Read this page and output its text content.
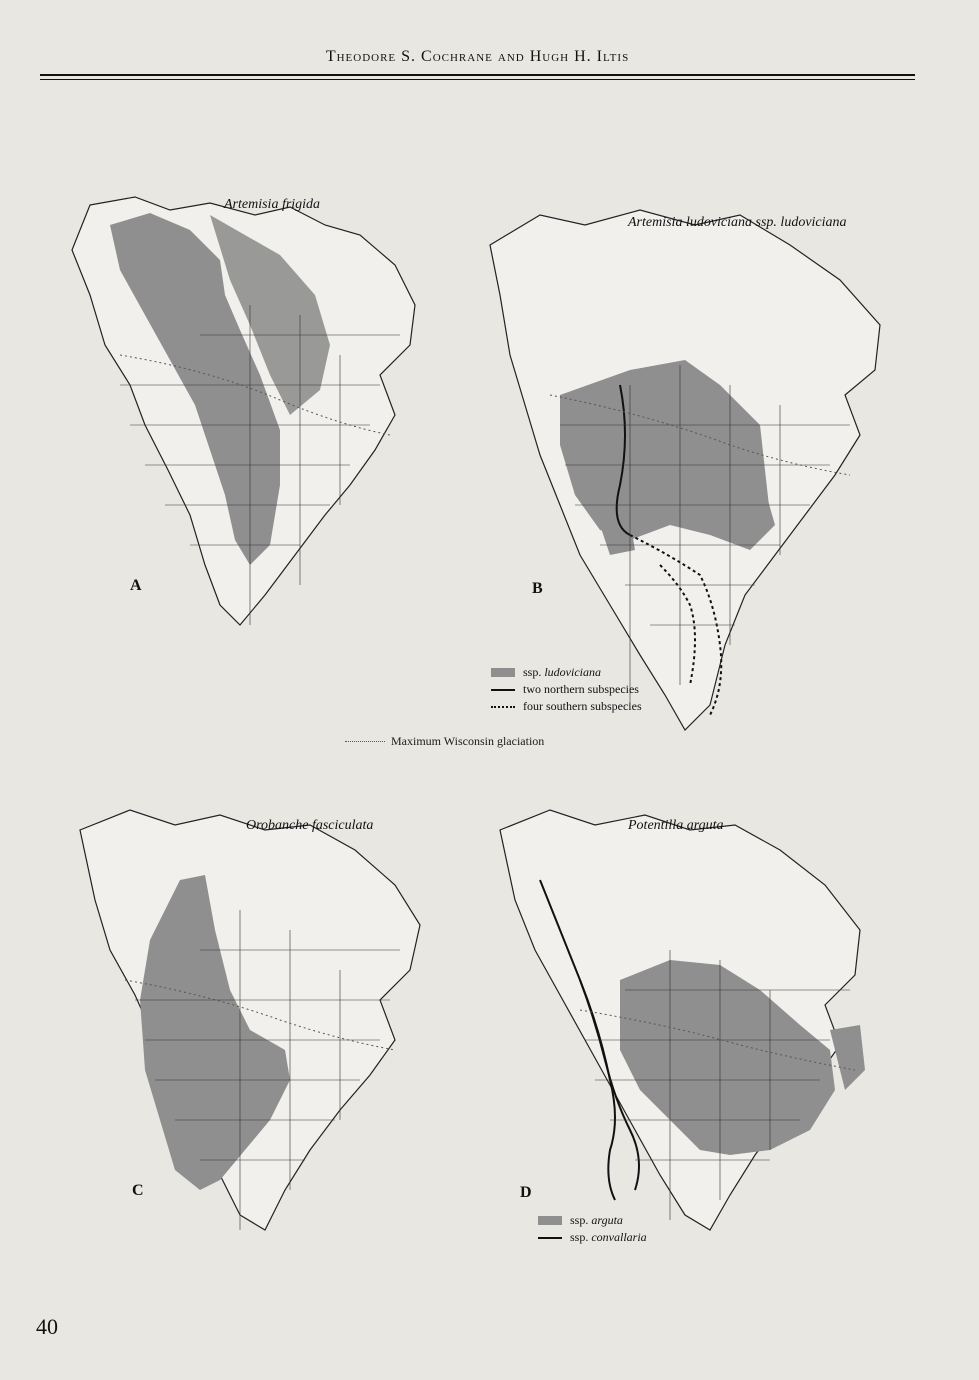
Theodore S. Cochrane and Hugh H. Iltis
Artemisia frigida
A
Artemisia ludoviciana ssp. ludoviciana
B
ssp.
ludoviciana
two northern subspecies
four southern subspecies
Maximum Wisconsin glaciation
Orobanche fasciculata
C
Potentilla arguta
D
ssp.
arguta
ssp.
convallaria
40
